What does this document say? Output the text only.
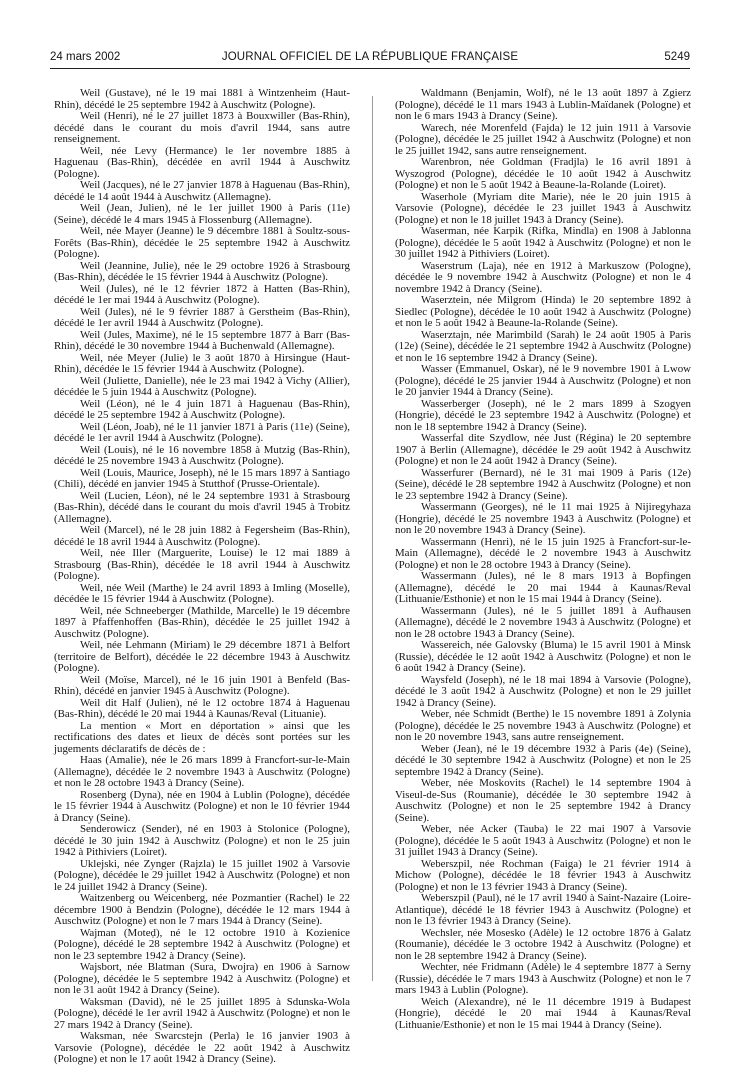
24 mars 2002	JOURNAL OFFICIEL DE LA RÉPUBLIQUE FRANÇAISE	5249

Weil (Gustave), né le 19 mai 1881 à Wintzenheim (Haut-Rhin), décédé le 25 septembre 1942 à Auschwitz (Pologne).

Weil (Henri), né le 27 juillet 1873 à Bouxwiller (Bas-Rhin), décédé dans le courant du mois d'avril 1944, sans autre renseignement.

Weil, née Levy (Hermance) le 1er novembre 1885 à Haguenau (Bas-Rhin), décédée en avril 1944 à Auschwitz (Pologne).

Weil (Jacques), né le 27 janvier 1878 à Haguenau (Bas-Rhin), décédé le 14 août 1944 à Auschwitz (Allemagne).

Weil (Jean, Julien), né le 1er juillet 1900 à Paris (11e) (Seine), décédé le 4 mars 1945 à Flossenburg (Allemagne).

Weil, née Mayer (Jeanne) le 9 décembre 1881 à Soultz-sous-Forêts (Bas-Rhin), décédée le 25 septembre 1942 à Auschwitz (Pologne).

Weil (Jeannine, Julie), née le 29 octobre 1926 à Strasbourg (Bas-Rhin), décédée le 15 février 1944 à Auschwitz (Pologne).

Weil (Jules), né le 12 février 1872 à Hatten (Bas-Rhin), décédé le 1er mai 1944 à Auschwitz (Pologne).

Weil (Jules), né le 9 février 1887 à Gerstheim (Bas-Rhin), décédé le 1er avril 1944 à Auschwitz (Pologne).

Weil (Jules, Maxime), né le 15 septembre 1877 à Barr (Bas-Rhin), décédé le 30 novembre 1944 à Buchenwald (Allemagne).

Weil, née Meyer (Julie) le 3 août 1870 à Hirsingue (Haut-Rhin), décédée le 15 février 1944 à Auschwitz (Pologne).

Weil (Juliette, Danielle), née le 23 mai 1942 à Vichy (Allier), décédée le 5 juin 1944 à Auschwitz (Pologne).

Weil (Léon), né le 4 juin 1871 à Haguenau (Bas-Rhin), décédé le 25 septembre 1942 à Auschwitz (Pologne).

Weil (Léon, Joab), né le 11 janvier 1871 à Paris (11e) (Seine), décédé le 1er avril 1944 à Auschwitz (Pologne).

Weil (Louis), né le 16 novembre 1858 à Mutzig (Bas-Rhin), décédé le 25 novembre 1943 à Auschwitz (Pologne).

Weil (Louis, Maurice, Joseph), né le 15 mars 1897 à Santiago (Chili), décédé en janvier 1945 à Stutthof (Prusse-Orientale).

Weil (Lucien, Léon), né le 24 septembre 1931 à Strasbourg (Bas-Rhin), décédé dans le courant du mois d'avril 1945 à Trobitz (Allemagne).

Weil (Marcel), né le 28 juin 1882 à Fegersheim (Bas-Rhin), décédé le 18 avril 1944 à Auschwitz (Pologne).

Weil, née Iller (Marguerite, Louise) le 12 mai 1889 à Strasbourg (Bas-Rhin), décédée le 18 avril 1944 à Auschwitz (Pologne).

Weil, née Weil (Marthe) le 24 avril 1893 à Imling (Moselle), décédée le 15 février 1944 à Auschwitz (Pologne).

Weil, née Schneeberger (Mathilde, Marcelle) le 19 décembre 1897 à Pfaffenhoffen (Bas-Rhin), décédée le 25 juillet 1942 à Auschwitz (Pologne).

Weil, née Lehmann (Miriam) le 29 décembre 1871 à Belfort (territoire de Belfort), décédée le 22 décembre 1943 à Auschwitz (Pologne).

Weil (Moïse, Marcel), né le 16 juin 1901 à Benfeld (Bas-Rhin), décédé en janvier 1945 à Auschwitz (Pologne).

Weil dit Half (Julien), né le 12 octobre 1874 à Haguenau (Bas-Rhin), décédé le 20 mai 1944 à Kaunas/Reval (Lituanie).

La mention « Mort en déportation » ainsi que les rectifications des dates et lieux de décès sont portées sur les jugements déclaratifs de décès de :

Haas (Amalie), née le 26 mars 1899 à Francfort-sur-le-Main (Allemagne), décédée le 2 novembre 1943 à Auschwitz (Pologne) et non le 28 octobre 1943 à Drancy (Seine).

Rosenberg (Dyna), née en 1904 à Lublin (Pologne), décédée le 15 février 1944 à Auschwitz (Pologne) et non le 10 février 1944 à Drancy (Seine).

Senderowicz (Sender), né en 1903 à Stolonice (Pologne), décédé le 30 juin 1942 à Auschwitz (Pologne) et non le 25 juin 1942 à Pithiviers (Loiret).

Uklejski, née Zynger (Rajzla) le 15 juillet 1902 à Varsovie (Pologne), décédée le 29 juillet 1942 à Auschwitz (Pologne) et non le 24 juillet 1942 à Drancy (Seine).

Waitzenberg ou Weicenberg, née Pozmantier (Rachel) le 22 décembre 1900 à Bendzin (Pologne), décédée le 12 mars 1944 à Auschwitz (Pologne) et non le 7 mars 1944 à Drancy (Seine).

Wajman (Moteḍ), né le 12 octobre 1910 à Kozienice (Pologne), décédé le 28 septembre 1942 à Auschwitz (Pologne) et non le 23 septembre 1942 à Drancy (Seine).

Wajsbort, née Blatman (Sura, Dwojra) en 1906 à Sarnow (Pologne), décédée le 5 septembre 1942 à Auschwitz (Pologne) et non le 31 août 1942 à Drancy (Seine).

Waksman (David), né le 25 juillet 1895 à Sdunska-Wola (Pologne), décédé le 1er avril 1942 à Auschwitz (Pologne) et non le 27 mars 1942 à Drancy (Seine).

Waksman, née Swarcstejn (Perla) le 16 janvier 1903 à Varsovie (Pologne), décédée le 22 août 1942 à Auschwitz (Pologne) et non le 17 août 1942 à Drancy (Seine).

Waldmann (Benjamin, Wolf), né le 13 août 1897 à Zgierz (Pologne), décédé le 11 mars 1943 à Lublin-Maïdanek (Pologne) et non le 6 mars 1943 à Drancy (Seine).

Warech, née Morenfeld (Fajda) le 12 juin 1911 à Varsovie (Pologne), décédée le 25 juillet 1942 à Auschwitz (Pologne) et non le 25 juillet 1942, sans autre renseignement.

Warenbron, née Goldman (Fradjla) le 16 avril 1891 à Wyszogrod (Pologne), décédée le 10 août 1942 à Auschwitz (Pologne) et non le 5 août 1942 à Beaune-la-Rolande (Loiret).

Waserhole (Myriam dite Marie), née le 20 juin 1915 à Varsovie (Pologne), décédée le 23 juillet 1943 à Auschwitz (Pologne) et non le 18 juillet 1943 à Drancy (Seine).

Waserman, née Karpik (Rifka, Mindla) en 1908 à Jablonna (Pologne), décédée le 5 août 1942 à Auschwitz (Pologne) et non le 30 juillet 1942 à Pithiviers (Loiret).

Waserstrum (Laja), née en 1912 à Markuszow (Pologne), décédée le 9 novembre 1942 à Auschwitz (Pologne) et non le 4 novembre 1942 à Drancy (Seine).

Waserztein, née Milgrom (Hinda) le 20 septembre 1892 à Siedlec (Pologne), décédée le 10 août 1942 à Auschwitz (Pologne) et non le 5 août 1942 à Beaune-la-Rolande (Seine).

Waserztajn, née Marimbild (Sarah) le 24 août 1905 à Paris (12e) (Seine), décédée le 21 septembre 1942 à Auschwitz (Pologne) et non le 16 septembre 1942 à Drancy (Seine).

Wasser (Emmanuel, Oskar), né le 9 novembre 1901 à Lwow (Pologne), décédé le 25 janvier 1944 à Auschwitz (Pologne) et non le 20 janvier 1944 à Drancy (Seine).

Wasserberger (Joseph), né le 2 mars 1899 à Szogyen (Hongrie), décédé le 23 septembre 1942 à Auschwitz (Pologne) et non le 18 septembre 1942 à Drancy (Seine).

Wasserfal dite Szydlow, née Just (Régina) le 20 septembre 1907 à Berlin (Allemagne), décédée le 29 août 1942 à Auschwitz (Pologne) et non le 24 août 1942 à Drancy (Seine).

Wasserfurer (Bernard), né le 31 mai 1909 à Paris (12e) (Seine), décédé le 28 septembre 1942 à Auschwitz (Pologne) et non le 23 septembre 1942 à Drancy (Seine).

Wassermann (Georges), né le 11 mai 1925 à Nijiregyhaza (Hongrie), décédé le 25 novembre 1943 à Auschwitz (Pologne) et non le 20 novembre 1943 à Drancy (Seine).

Wassermann (Henri), né le 15 juin 1925 à Francfort-sur-le-Main (Allemagne), décédé le 2 novembre 1943 à Auschwitz (Pologne) et non le 28 octobre 1943 à Drancy (Seine).

Wassermann (Jules), né le 8 mars 1913 à Bopfingen (Allemagne), décédé le 20 mai 1944 à Kaunas/Reval (Lithuanie/Esthonie) et non le 15 mai 1944 à Drancy (Seine).

Wassermann (Jules), né le 5 juillet 1891 à Aufhausen (Allemagne), décédé le 2 novembre 1943 à Auschwitz (Pologne) et non le 28 octobre 1943 à Drancy (Seine).

Wassereich, née Galovsky (Bluma) le 15 avril 1901 à Minsk (Russie), décédée le 12 août 1942 à Auschwitz (Pologne) et non le 6 août 1942 à Drancy (Seine).

Waysfeld (Joseph), né le 18 mai 1894 à Varsovie (Pologne), décédé le 3 août 1942 à Auschwitz (Pologne) et non le 29 juillet 1942 à Drancy (Seine).

Weber, née Schmidt (Berthe) le 15 novembre 1891 à Zolynia (Pologne), décédée le 25 novembre 1943 à Auschwitz (Pologne) et non le 20 novembre 1943, sans autre renseignement.

Weber (Jean), né le 19 décembre 1932 à Paris (4e) (Seine), décédé le 30 septembre 1942 à Auschwitz (Pologne) et non le 25 septembre 1942 à Drancy (Seine).

Weber, née Moskovits (Rachel) le 14 septembre 1904 à Viseul-de-Sus (Roumanie), décédée le 30 septembre 1942 à Auschwitz (Pologne) et non le 25 septembre 1942 à Drancy (Seine).

Weber, née Acker (Tauba) le 22 mai 1907 à Varsovie (Pologne), décédée le 5 août 1943 à Auschwitz (Pologne) et non le 31 juillet 1943 à Drancy (Seine).

Weberszpil, née Rochman (Faiga) le 21 février 1914 à Michow (Pologne), décédée le 18 février 1943 à Auschwitz (Pologne) et non le 13 février 1943 à Drancy (Seine).

Weberszpil (Paul), né le 17 avril 1940 à Saint-Nazaire (Loire-Atlantique), décédé le 18 février 1943 à Auschwitz (Pologne) et non le 13 février 1943 à Drancy (Seine).

Wechsler, née Mosesko (Adèle) le 12 octobre 1876 à Galatz (Roumanie), décédée le 3 octobre 1942 à Auschwitz (Pologne) et non le 28 septembre 1942 à Drancy (Seine).

Wechter, née Fridmann (Adèle) le 4 septembre 1877 à Serny (Russie), décédée le 7 mars 1943 à Auschwitz (Pologne) et non le 7 mars 1943 à Lublin (Pologne).

Weich (Alexandre), né le 11 décembre 1919 à Budapest (Hongrie), décédé le 20 mai 1944 à Kaunas/Reval (Lithuanie/Esthonie) et non le 15 mai 1944 à Drancy (Seine).
